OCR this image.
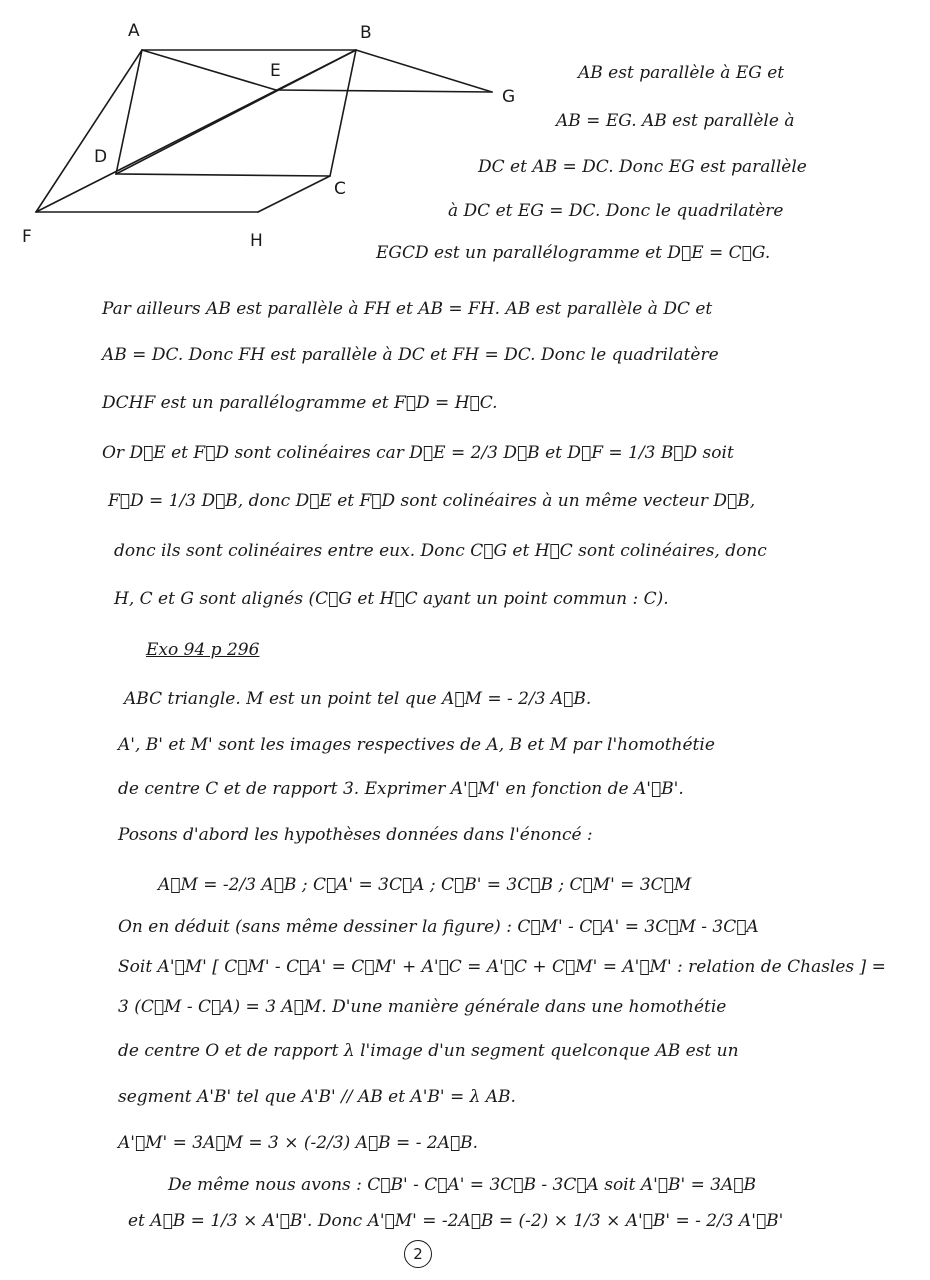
A	B
C
D
E
F
G
H
AB est parallèle à EG et
AB = EG. AB est parallèle à
DC et AB = DC. Donc EG est parallèle
à DC et EG = DC. Donc le quadrilatère
EGCD est un parallélogramme et D⃗E = C⃗G.
Par ailleurs AB est parallèle à FH et AB = FH. AB est parallèle à DC et
AB = DC. Donc FH est parallèle à DC et FH = DC. Donc le quadrilatère
DCHF est un parallélogramme et F⃗D = H⃗C.
Or D⃗E et F⃗D sont colinéaires car D⃗E = 2/3 D⃗B et D⃗F = 1/3 B⃗D soit
F⃗D = 1/3 D⃗B, donc D⃗E et F⃗D sont colinéaires à un même vecteur D⃗B,
donc ils sont colinéaires entre eux. Donc C⃗G et H⃗C sont colinéaires, donc
H, C et G sont alignés (C⃗G et H⃗C ayant un point commun : C).
Exo 94 p 296
ABC triangle. M est un point tel que A⃗M = - 2/3 A⃗B.
A', B' et M' sont les images respectives de A, B et M par l'homothétie
de centre C et de rapport 3. Exprimer A'⃗M' en fonction de A'⃗B'.
Posons d'abord les hypothèses données dans l'énoncé :
A⃗M = -2/3 A⃗B ; C⃗A' = 3C⃗A ; C⃗B' = 3C⃗B ; C⃗M' = 3C⃗M
On en déduit (sans même dessiner la figure) : C⃗M' - C⃗A' = 3C⃗M - 3C⃗A
Soit A'⃗M' [ C⃗M' - C⃗A' = C⃗M' + A'⃗C = A'⃗C + C⃗M' = A'⃗M' : relation de Chasles ] =
3 (C⃗M - C⃗A) = 3 A⃗M. D'une manière générale dans une homothétie
de centre O et de rapport λ l'image d'un segment quelconque AB est un
segment A'B' tel que A'B' // AB et A'B' = λ AB.
A'⃗M' = 3A⃗M = 3 × (-2/3) A⃗B = - 2A⃗B.
De même nous avons : C⃗B' - C⃗A' = 3C⃗B - 3C⃗A soit A'⃗B' = 3A⃗B
et A⃗B = 1/3 × A'⃗B'. Donc A'⃗M' = -2A⃗B = (-2) × 1/3 × A'⃗B' = - 2/3 A'⃗B'
2
